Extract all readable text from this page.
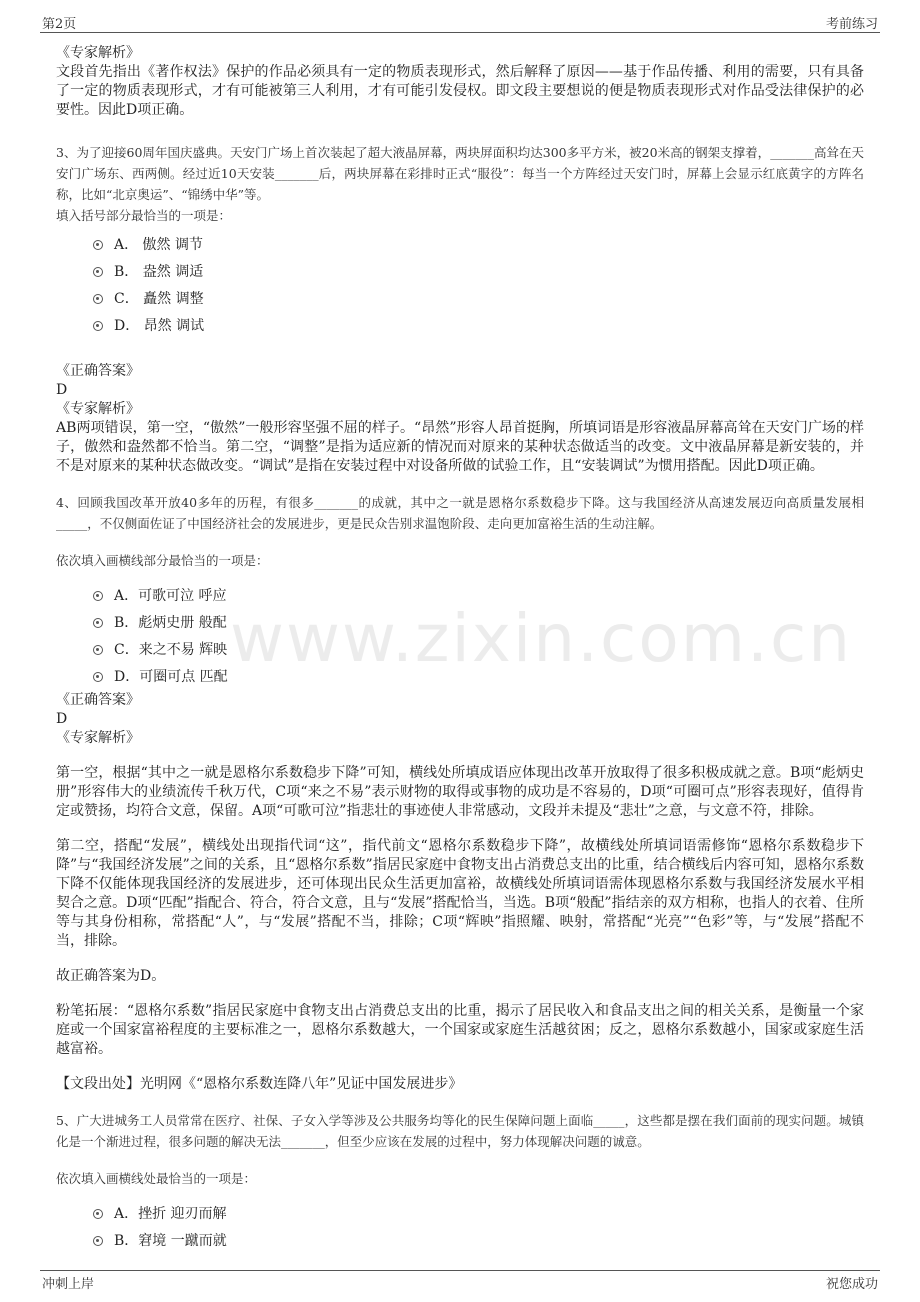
第2页	考前练习
www.zixin.com.cn

《专家解析》

文段首先指出《著作权法》保护的作品必须具有一定的物质表现形式，然后解释了原因——基于作品传播、利用的需要，只有具备了一定的物质表现形式，才有可能被第三人利用，才有可能引发侵权。即文段主要想说的便是物质表现形式对作品受法律保护的必要性。因此D项正确。

3、为了迎接60周年国庆盛典。天安门广场上首次装起了超大液晶屏幕，两块屏面积均达300多平方米，被20米高的钢架支撑着，_______高耸在天安门广场东、西两侧。经过近10天安装_______后，两块屏幕在彩排时正式“服役”：每当一个方阵经过天安门时，屏幕上会显示红底黄字的方阵名称，比如“北京奥运”、“锦绣中华”等。

填入括号部分最恰当的一项是：

A． 傲然 调节
B． 盎然 调适
C． 矗然 调整
D． 昂然 调试

《正确答案》

D

《专家解析》

AB两项错误，第一空，“傲然”一般形容坚强不屈的样子。“昂然”形容人昂首挺胸，所填词语是形容液晶屏幕高耸在天安门广场的样子，傲然和盎然都不恰当。第二空，“调整”是指为适应新的情况而对原来的某种状态做适当的改变。文中液晶屏幕是新安装的，并不是对原来的某种状态做改变。“调试”是指在安装过程中对设备所做的试验工作，且“安装调试”为惯用搭配。因此D项正确。

4、回顾我国改革开放40多年的历程，有很多_______的成就，其中之一就是恩格尔系数稳步下降。这与我国经济从高速发展迈向高质量发展相_____，不仅侧面佐证了中国经济社会的发展进步，更是民众告别求温饱阶段、走向更加富裕生活的生动注解。

依次填入画横线部分最恰当的一项是：

A．可歌可泣 呼应
B．彪炳史册 般配
C．来之不易 辉映
D．可圈可点 匹配

《正确答案》

D

《专家解析》

第一空，根据“其中之一就是恩格尔系数稳步下降”可知，横线处所填成语应体现出改革开放取得了很多积极成就之意。B项“彪炳史册”形容伟大的业绩流传千秋万代，C项“来之不易”表示财物的取得或事物的成功是不容易的，D项“可圈可点”形容表现好，值得肯定或赞扬，均符合文意，保留。A项“可歌可泣”指悲壮的事迹使人非常感动，文段并未提及“悲壮”之意，与文意不符，排除。

第二空，搭配“发展”，横线处出现指代词“这”，指代前文“恩格尔系数稳步下降”，故横线处所填词语需修饰“恩格尔系数稳步下降”与“我国经济发展”之间的关系，且“恩格尔系数”指居民家庭中食物支出占消费总支出的比重，结合横线后内容可知，恩格尔系数下降不仅能体现我国经济的发展进步，还可体现出民众生活更加富裕，故横线处所填词语需体现恩格尔系数与我国经济发展水平相契合之意。D项“匹配”指配合、符合，符合文意，且与“发展”搭配恰当，当选。B项“般配”指结亲的双方相称，也指人的衣着、住所等与其身份相称，常搭配“人”，与“发展”搭配不当，排除；C项“辉映”指照耀、映射，常搭配“光亮”“色彩”等，与“发展”搭配不当，排除。

故正确答案为D。

粉笔拓展：“恩格尔系数”指居民家庭中食物支出占消费总支出的比重，揭示了居民收入和食品支出之间的相关关系，是衡量一个家庭或一个国家富裕程度的主要标准之一，恩格尔系数越大，一个国家或家庭生活越贫困；反之，恩格尔系数越小，国家或家庭生活越富裕。

【文段出处】光明网《“恩格尔系数连降八年”见证中国发展进步》

5、广大进城务工人员常常在医疗、社保、子女入学等涉及公共服务均等化的民生保障问题上面临_____，这些都是摆在我们面前的现实问题。城镇化是一个渐进过程，很多问题的解决无法_______，但至少应该在发展的过程中，努力体现解决问题的诚意。

依次填入画横线处最恰当的一项是：

A．挫折 迎刃而解
B．窘境 一蹴而就
冲刺上岸	祝您成功
